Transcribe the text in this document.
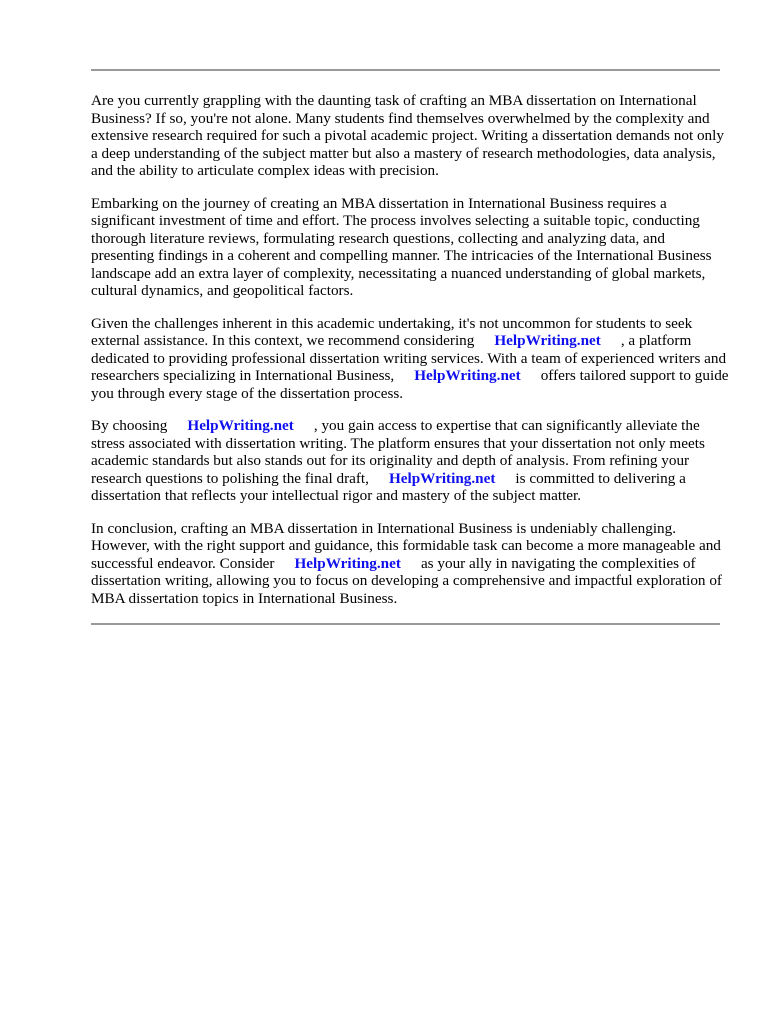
Are you currently grappling with the daunting task of crafting an MBA dissertation on International Business? If so, you're not alone. Many students find themselves overwhelmed by the complexity and extensive research required for such a pivotal academic project. Writing a dissertation demands not only a deep understanding of the subject matter but also a mastery of research methodologies, data analysis, and the ability to articulate complex ideas with precision.

Embarking on the journey of creating an MBA dissertation in International Business requires a significant investment of time and effort. The process involves selecting a suitable topic, conducting thorough literature reviews, formulating research questions, collecting and analyzing data, and presenting findings in a coherent and compelling manner. The intricacies of the International Business landscape add an extra layer of complexity, necessitating a nuanced understanding of global markets, cultural dynamics, and geopolitical factors.

Given the challenges inherent in this academic undertaking, it's not uncommon for students to seek external assistance. In this context, we recommend considering HelpWriting.net , a platform dedicated to providing professional dissertation writing services. With a team of experienced writers and researchers specializing in International Business, HelpWriting.net offers tailored support to guide you through every stage of the dissertation process.

By choosing HelpWriting.net , you gain access to expertise that can significantly alleviate the stress associated with dissertation writing. The platform ensures that your dissertation not only meets academic standards but also stands out for its originality and depth of analysis. From refining your research questions to polishing the final draft, HelpWriting.net is committed to delivering a dissertation that reflects your intellectual rigor and mastery of the subject matter.

In conclusion, crafting an MBA dissertation in International Business is undeniably challenging. However, with the right support and guidance, this formidable task can become a more manageable and successful endeavor. Consider HelpWriting.net as your ally in navigating the complexities of dissertation writing, allowing you to focus on developing a comprehensive and impactful exploration of MBA dissertation topics in International Business.
